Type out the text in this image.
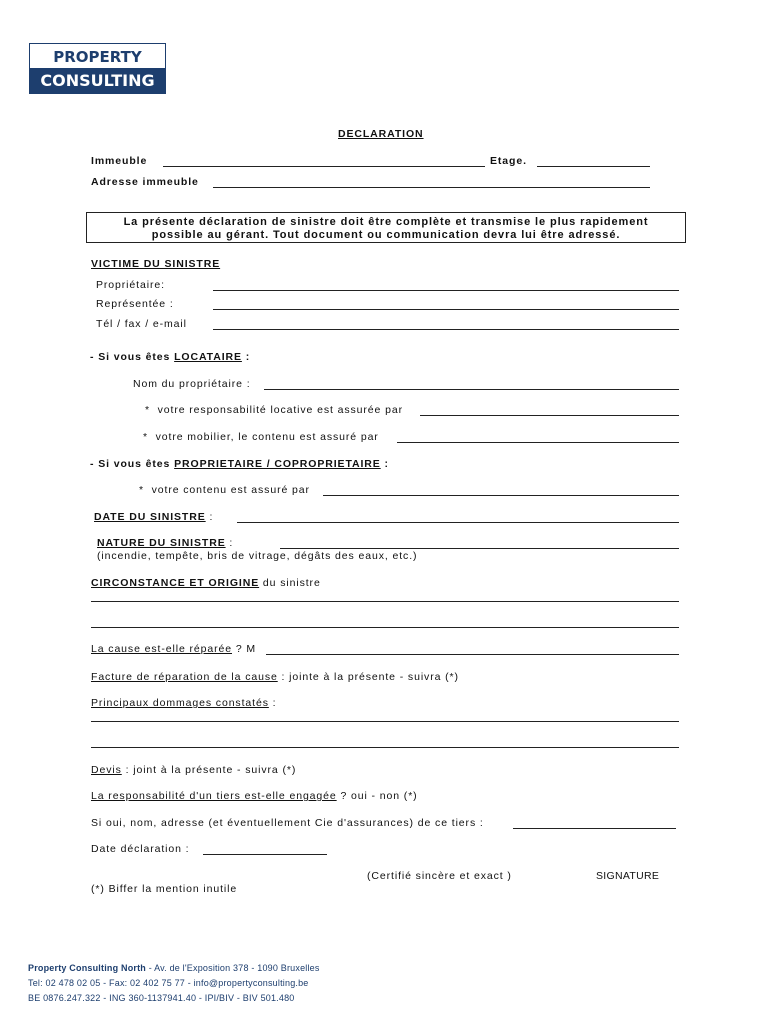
PROPERTY
CONSULTING
DECLARATION
Immeuble	Etage.
Adresse immeuble
La présente déclaration de sinistre doit être complète et transmise le plus rapidement
possible au gérant. Tout document ou communication devra lui être adressé.
VICTIME DU SINISTRE
Propriétaire:
Représentée :
Tél / fax / e-mail
- Si vous êtes LOCATAIRE :
Nom du propriétaire :
*  votre responsabilité locative est assurée par
*  votre mobilier, le contenu est assuré par
- Si vous êtes PROPRIETAIRE / COPROPRIETAIRE :
*  votre contenu est assuré par
DATE DU SINISTRE :
NATURE DU SINISTRE :
(incendie, tempête, bris de vitrage, dégâts des eaux, etc.)
CIRCONSTANCE ET ORIGINE du sinistre
La cause est-elle réparée ? M
Facture de réparation de la cause : jointe à la présente - suivra (*)
Principaux dommages constatés :
Devis : joint à la présente - suivra (*)
La responsabilité d'un tiers est-elle engagée ? oui - non (*)
Si oui, nom, adresse (et éventuellement Cie d'assurances) de ce tiers :
Date déclaration :
(Certifié sincère et exact )	SIGNATURE
(*) Biffer la mention inutile
Property Consulting North - Av. de l'Exposition 378 - 1090 Bruxelles
Tel: 02 478 02 05 - Fax: 02 402 75 77 - info@propertyconsulting.be
BE 0876.247.322 - ING 360-1137941.40 - IPI/BIV - BIV 501.480
